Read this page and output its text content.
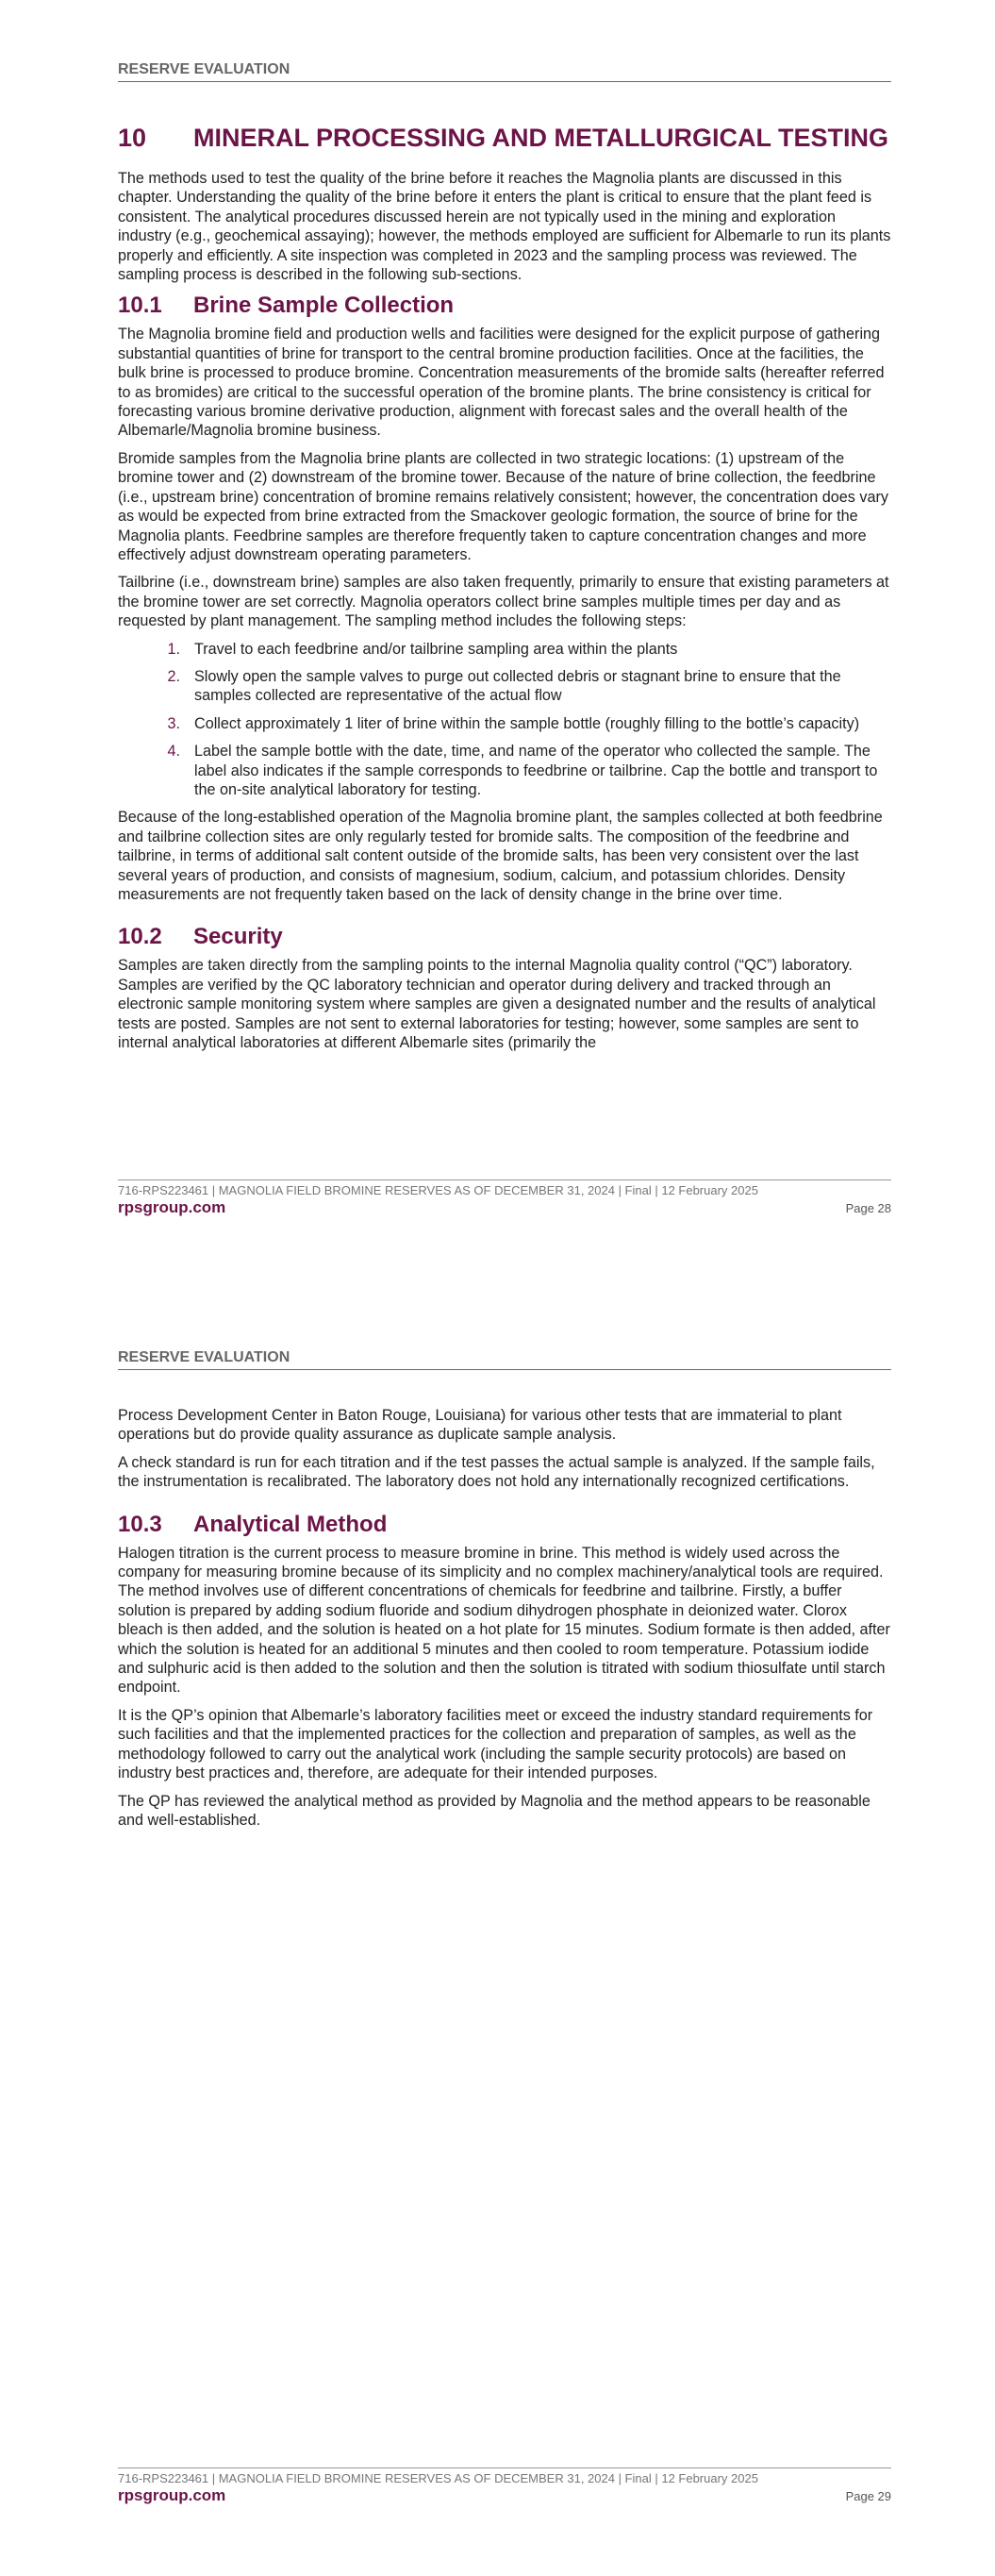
RESERVE EVALUATION
10	MINERAL PROCESSING AND METALLURGICAL TESTING

The methods used to test the quality of the brine before it reaches the Magnolia plants are discussed in this chapter. Understanding the quality of the brine before it enters the plant is critical to ensure that the plant feed is consistent. The analytical procedures discussed herein are not typically used in the mining and exploration industry (e.g., geochemical assaying); however, the methods employed are sufficient for Albemarle to run its plants properly and efficiently. A site inspection was completed in 2023 and the sampling process was reviewed. The sampling process is described in the following sub-sections.

10.1	Brine Sample Collection

The Magnolia bromine field and production wells and facilities were designed for the explicit purpose of gathering substantial quantities of brine for transport to the central bromine production facilities. Once at the facilities, the bulk brine is processed to produce bromine. Concentration measurements of the bromide salts (hereafter referred to as bromides) are critical to the successful operation of the bromine plants. The brine consistency is critical for forecasting various bromine derivative production, alignment with forecast sales and the overall health of the Albemarle/Magnolia bromine business.

Bromide samples from the Magnolia brine plants are collected in two strategic locations: (1) upstream of the bromine tower and (2) downstream of the bromine tower. Because of the nature of brine collection, the feedbrine (i.e., upstream brine) concentration of bromine remains relatively consistent; however, the concentration does vary as would be expected from brine extracted from the Smackover geologic formation, the source of brine for the Magnolia plants. Feedbrine samples are therefore frequently taken to capture concentration changes and more effectively adjust downstream operating parameters.

Tailbrine (i.e., downstream brine) samples are also taken frequently, primarily to ensure that existing parameters at the bromine tower are set correctly. Magnolia operators collect brine samples multiple times per day and as requested by plant management. The sampling method includes the following steps:

1. Travel to each feedbrine and/or tailbrine sampling area within the plants
2. Slowly open the sample valves to purge out collected debris or stagnant brine to ensure that the samples collected are representative of the actual flow
3. Collect approximately 1 liter of brine within the sample bottle (roughly filling to the bottle’s capacity)
4. Label the sample bottle with the date, time, and name of the operator who collected the sample. The label also indicates if the sample corresponds to feedbrine or tailbrine. Cap the bottle and transport to the on-site analytical laboratory for testing.

Because of the long-established operation of the Magnolia bromine plant, the samples collected at both feedbrine and tailbrine collection sites are only regularly tested for bromide salts. The composition of the feedbrine and tailbrine, in terms of additional salt content outside of the bromide salts, has been very consistent over the last several years of production, and consists of magnesium, sodium, calcium, and potassium chlorides. Density measurements are not frequently taken based on the lack of density change in the brine over time.

10.2	Security

Samples are taken directly from the sampling points to the internal Magnolia quality control (“QC”) laboratory. Samples are verified by the QC laboratory technician and operator during delivery and tracked through an electronic sample monitoring system where samples are given a designated number and the results of analytical tests are posted. Samples are not sent to external laboratories for testing; however, some samples are sent to internal analytical laboratories at different Albemarle sites (primarily the

716-RPS223461 | MAGNOLIA FIELD BROMINE RESERVES AS OF DECEMBER 31, 2024 | Final | 12 February 2025
rpsgroup.com	Page 28
RESERVE EVALUATION

Process Development Center in Baton Rouge, Louisiana) for various other tests that are immaterial to plant operations but do provide quality assurance as duplicate sample analysis.

A check standard is run for each titration and if the test passes the actual sample is analyzed. If the sample fails, the instrumentation is recalibrated. The laboratory does not hold any internationally recognized certifications.

10.3	Analytical Method

Halogen titration is the current process to measure bromine in brine. This method is widely used across the company for measuring bromine because of its simplicity and no complex machinery/analytical tools are required. The method involves use of different concentrations of chemicals for feedbrine and tailbrine. Firstly, a buffer solution is prepared by adding sodium fluoride and sodium dihydrogen phosphate in deionized water. Clorox bleach is then added, and the solution is heated on a hot plate for 15 minutes. Sodium formate is then added, after which the solution is heated for an additional 5 minutes and then cooled to room temperature. Potassium iodide and sulphuric acid is then added to the solution and then the solution is titrated with sodium thiosulfate until starch endpoint.

It is the QP’s opinion that Albemarle’s laboratory facilities meet or exceed the industry standard requirements for such facilities and that the implemented practices for the collection and preparation of samples, as well as the methodology followed to carry out the analytical work (including the sample security protocols) are based on industry best practices and, therefore, are adequate for their intended purposes.

The QP has reviewed the analytical method as provided by Magnolia and the method appears to be reasonable and well-established.

716-RPS223461 | MAGNOLIA FIELD BROMINE RESERVES AS OF DECEMBER 31, 2024 | Final | 12 February 2025
rpsgroup.com	Page 29
